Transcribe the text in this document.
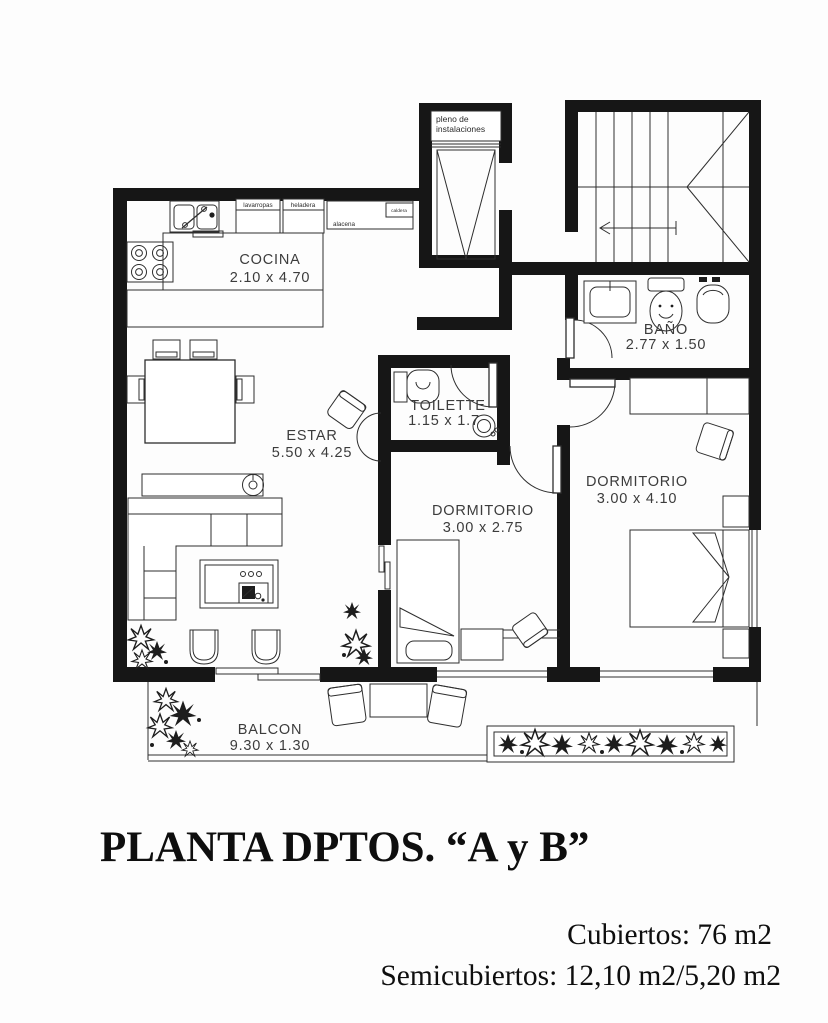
pleno de
instalaciones
lavarropas	heladera
alacena
caldera
COCINA
2.10 x 4.70
ESTAR
5.50 x 4.25
TOILETTE
1.15 x 1.7
BAÑO
2.77 x 1.50
DORMITORIO
3.00 x 2.75
DORMITORIO
3.00 x 4.10
BALCON
9.30 x 1.30
PLANTA DPTOS. “A y B”
Cubiertos: 76 m2
Semicubiertos: 12,10 m2/5,20 m2
